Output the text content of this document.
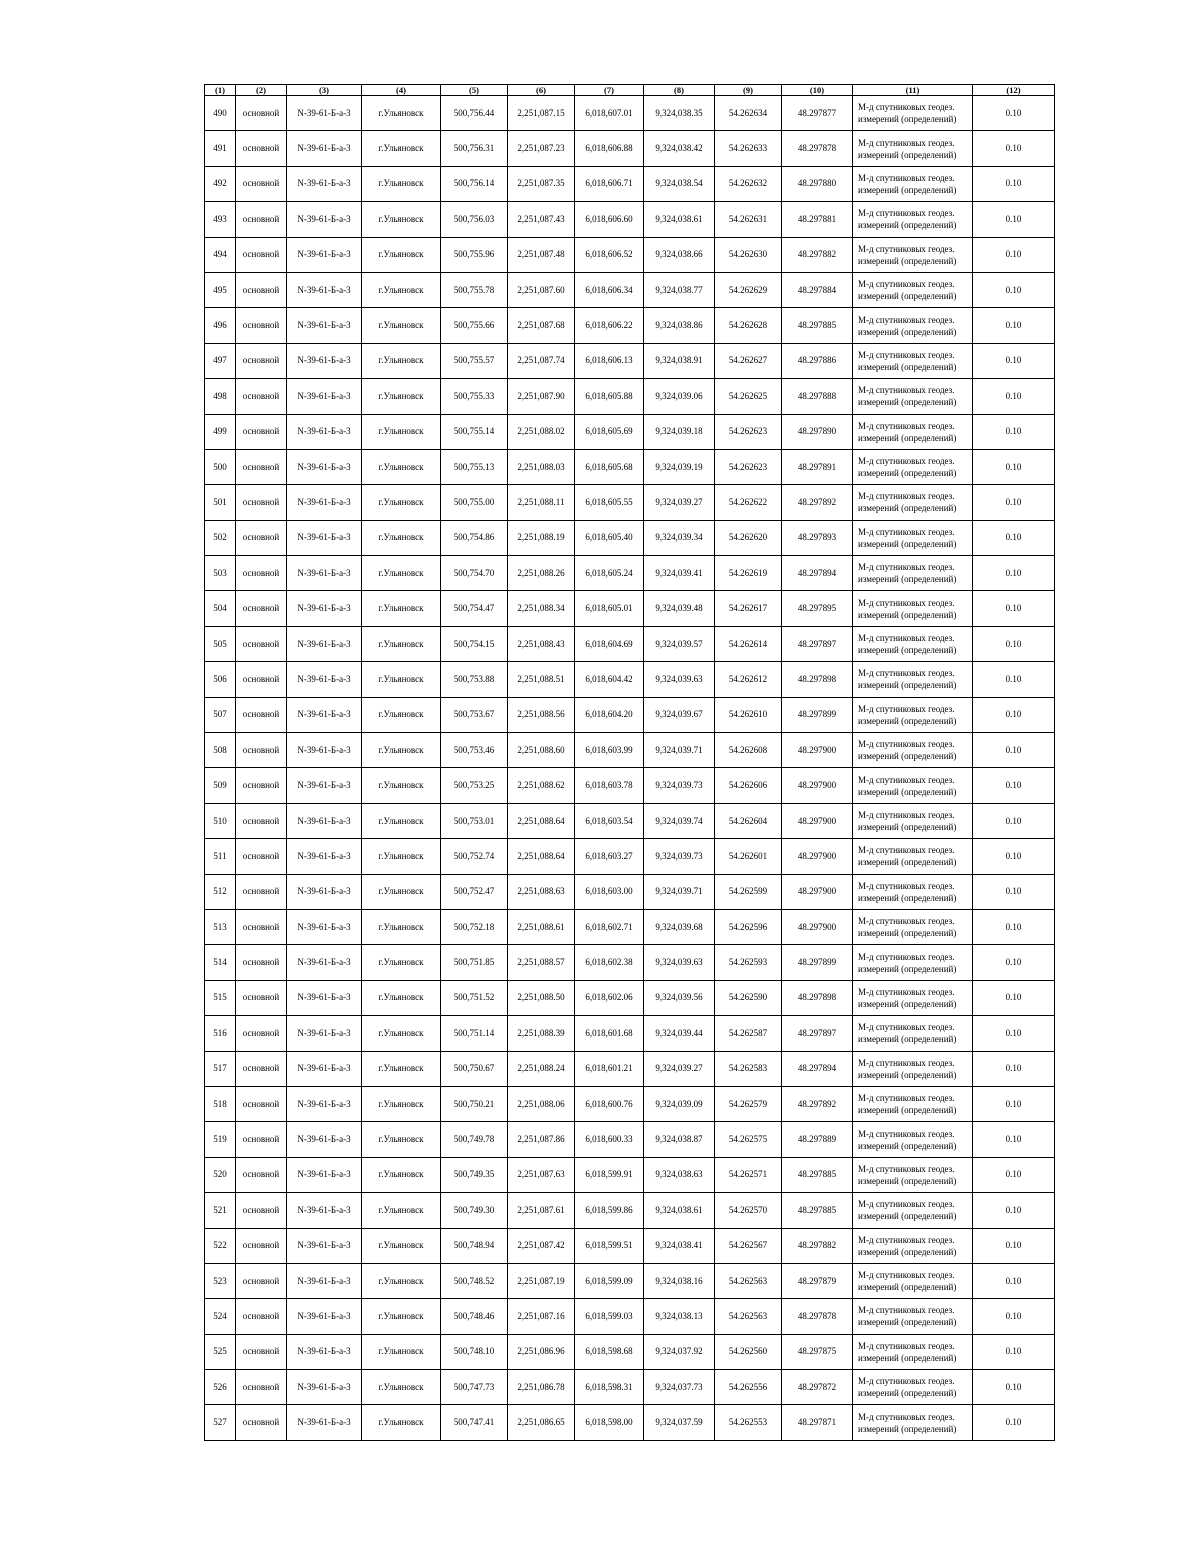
(1)	(2)	(3)	(4)	(5)	(6)	(7)	(8)	(9)	(10)	(11)	(12)
490	основной	N-39-61-Б-а-3	г.Ульяновск	500,756.44	2,251,087.15	6,018,607.01	9,324,038.35	54.262634	48.297877	М-д спутниковых геодез.
измерений (определений)	0.10
491	основной	N-39-61-Б-а-3	г.Ульяновск	500,756.31	2,251,087.23	6,018,606.88	9,324,038.42	54.262633	48.297878	М-д спутниковых геодез.
измерений (определений)	0.10
492	основной	N-39-61-Б-а-3	г.Ульяновск	500,756.14	2,251,087.35	6,018,606.71	9,324,038.54	54.262632	48.297880	М-д спутниковых геодез.
измерений (определений)	0.10
493	основной	N-39-61-Б-а-3	г.Ульяновск	500,756.03	2,251,087.43	6,018,606.60	9,324,038.61	54.262631	48.297881	М-д спутниковых геодез.
измерений (определений)	0.10
494	основной	N-39-61-Б-а-3	г.Ульяновск	500,755.96	2,251,087.48	6,018,606.52	9,324,038.66	54.262630	48.297882	М-д спутниковых геодез.
измерений (определений)	0.10
495	основной	N-39-61-Б-а-3	г.Ульяновск	500,755.78	2,251,087.60	6,018,606.34	9,324,038.77	54.262629	48.297884	М-д спутниковых геодез.
измерений (определений)	0.10
496	основной	N-39-61-Б-а-3	г.Ульяновск	500,755.66	2,251,087.68	6,018,606.22	9,324,038.86	54.262628	48.297885	М-д спутниковых геодез.
измерений (определений)	0.10
497	основной	N-39-61-Б-а-3	г.Ульяновск	500,755.57	2,251,087.74	6,018,606.13	9,324,038.91	54.262627	48.297886	М-д спутниковых геодез.
измерений (определений)	0.10
498	основной	N-39-61-Б-а-3	г.Ульяновск	500,755.33	2,251,087.90	6,018,605.88	9,324,039.06	54.262625	48.297888	М-д спутниковых геодез.
измерений (определений)	0.10
499	основной	N-39-61-Б-а-3	г.Ульяновск	500,755.14	2,251,088.02	6,018,605.69	9,324,039.18	54.262623	48.297890	М-д спутниковых геодез.
измерений (определений)	0.10
500	основной	N-39-61-Б-а-3	г.Ульяновск	500,755.13	2,251,088.03	6,018,605.68	9,324,039.19	54.262623	48.297891	М-д спутниковых геодез.
измерений (определений)	0.10
501	основной	N-39-61-Б-а-3	г.Ульяновск	500,755.00	2,251,088.11	6,018,605.55	9,324,039.27	54.262622	48.297892	М-д спутниковых геодез.
измерений (определений)	0.10
502	основной	N-39-61-Б-а-3	г.Ульяновск	500,754.86	2,251,088.19	6,018,605.40	9,324,039.34	54.262620	48.297893	М-д спутниковых геодез.
измерений (определений)	0.10
503	основной	N-39-61-Б-а-3	г.Ульяновск	500,754.70	2,251,088.26	6,018,605.24	9,324,039.41	54.262619	48.297894	М-д спутниковых геодез.
измерений (определений)	0.10
504	основной	N-39-61-Б-а-3	г.Ульяновск	500,754.47	2,251,088.34	6,018,605.01	9,324,039.48	54.262617	48.297895	М-д спутниковых геодез.
измерений (определений)	0.10
505	основной	N-39-61-Б-а-3	г.Ульяновск	500,754.15	2,251,088.43	6,018,604.69	9,324,039.57	54.262614	48.297897	М-д спутниковых геодез.
измерений (определений)	0.10
506	основной	N-39-61-Б-а-3	г.Ульяновск	500,753.88	2,251,088.51	6,018,604.42	9,324,039.63	54.262612	48.297898	М-д спутниковых геодез.
измерений (определений)	0.10
507	основной	N-39-61-Б-а-3	г.Ульяновск	500,753.67	2,251,088.56	6,018,604.20	9,324,039.67	54.262610	48.297899	М-д спутниковых геодез.
измерений (определений)	0.10
508	основной	N-39-61-Б-а-3	г.Ульяновск	500,753.46	2,251,088.60	6,018,603.99	9,324,039.71	54.262608	48.297900	М-д спутниковых геодез.
измерений (определений)	0.10
509	основной	N-39-61-Б-а-3	г.Ульяновск	500,753.25	2,251,088.62	6,018,603.78	9,324,039.73	54.262606	48.297900	М-д спутниковых геодез.
измерений (определений)	0.10
510	основной	N-39-61-Б-а-3	г.Ульяновск	500,753.01	2,251,088.64	6,018,603.54	9,324,039.74	54.262604	48.297900	М-д спутниковых геодез.
измерений (определений)	0.10
511	основной	N-39-61-Б-а-3	г.Ульяновск	500,752.74	2,251,088.64	6,018,603.27	9,324,039.73	54.262601	48.297900	М-д спутниковых геодез.
измерений (определений)	0.10
512	основной	N-39-61-Б-а-3	г.Ульяновск	500,752.47	2,251,088.63	6,018,603.00	9,324,039.71	54.262599	48.297900	М-д спутниковых геодез.
измерений (определений)	0.10
513	основной	N-39-61-Б-а-3	г.Ульяновск	500,752.18	2,251,088.61	6,018,602.71	9,324,039.68	54.262596	48.297900	М-д спутниковых геодез.
измерений (определений)	0.10
514	основной	N-39-61-Б-а-3	г.Ульяновск	500,751.85	2,251,088.57	6,018,602.38	9,324,039.63	54.262593	48.297899	М-д спутниковых геодез.
измерений (определений)	0.10
515	основной	N-39-61-Б-а-3	г.Ульяновск	500,751.52	2,251,088.50	6,018,602.06	9,324,039.56	54.262590	48.297898	М-д спутниковых геодез.
измерений (определений)	0.10
516	основной	N-39-61-Б-а-3	г.Ульяновск	500,751.14	2,251,088.39	6,018,601.68	9,324,039.44	54.262587	48.297897	М-д спутниковых геодез.
измерений (определений)	0.10
517	основной	N-39-61-Б-а-3	г.Ульяновск	500,750.67	2,251,088.24	6,018,601.21	9,324,039.27	54.262583	48.297894	М-д спутниковых геодез.
измерений (определений)	0.10
518	основной	N-39-61-Б-а-3	г.Ульяновск	500,750.21	2,251,088.06	6,018,600.76	9,324,039.09	54.262579	48.297892	М-д спутниковых геодез.
измерений (определений)	0.10
519	основной	N-39-61-Б-а-3	г.Ульяновск	500,749.78	2,251,087.86	6,018,600.33	9,324,038.87	54.262575	48.297889	М-д спутниковых геодез.
измерений (определений)	0.10
520	основной	N-39-61-Б-а-3	г.Ульяновск	500,749.35	2,251,087.63	6,018,599.91	9,324,038.63	54.262571	48.297885	М-д спутниковых геодез.
измерений (определений)	0.10
521	основной	N-39-61-Б-а-3	г.Ульяновск	500,749.30	2,251,087.61	6,018,599.86	9,324,038.61	54.262570	48.297885	М-д спутниковых геодез.
измерений (определений)	0.10
522	основной	N-39-61-Б-а-3	г.Ульяновск	500,748.94	2,251,087.42	6,018,599.51	9,324,038.41	54.262567	48.297882	М-д спутниковых геодез.
измерений (определений)	0.10
523	основной	N-39-61-Б-а-3	г.Ульяновск	500,748.52	2,251,087.19	6,018,599.09	9,324,038.16	54.262563	48.297879	М-д спутниковых геодез.
измерений (определений)	0.10
524	основной	N-39-61-Б-а-3	г.Ульяновск	500,748.46	2,251,087.16	6,018,599.03	9,324,038.13	54.262563	48.297878	М-д спутниковых геодез.
измерений (определений)	0.10
525	основной	N-39-61-Б-а-3	г.Ульяновск	500,748.10	2,251,086.96	6,018,598.68	9,324,037.92	54.262560	48.297875	М-д спутниковых геодез.
измерений (определений)	0.10
526	основной	N-39-61-Б-а-3	г.Ульяновск	500,747.73	2,251,086.78	6,018,598.31	9,324,037.73	54.262556	48.297872	М-д спутниковых геодез.
измерений (определений)	0.10
527	основной	N-39-61-Б-а-3	г.Ульяновск	500,747.41	2,251,086.65	6,018,598.00	9,324,037.59	54.262553	48.297871	М-д спутниковых геодез.
измерений (определений)	0.10
